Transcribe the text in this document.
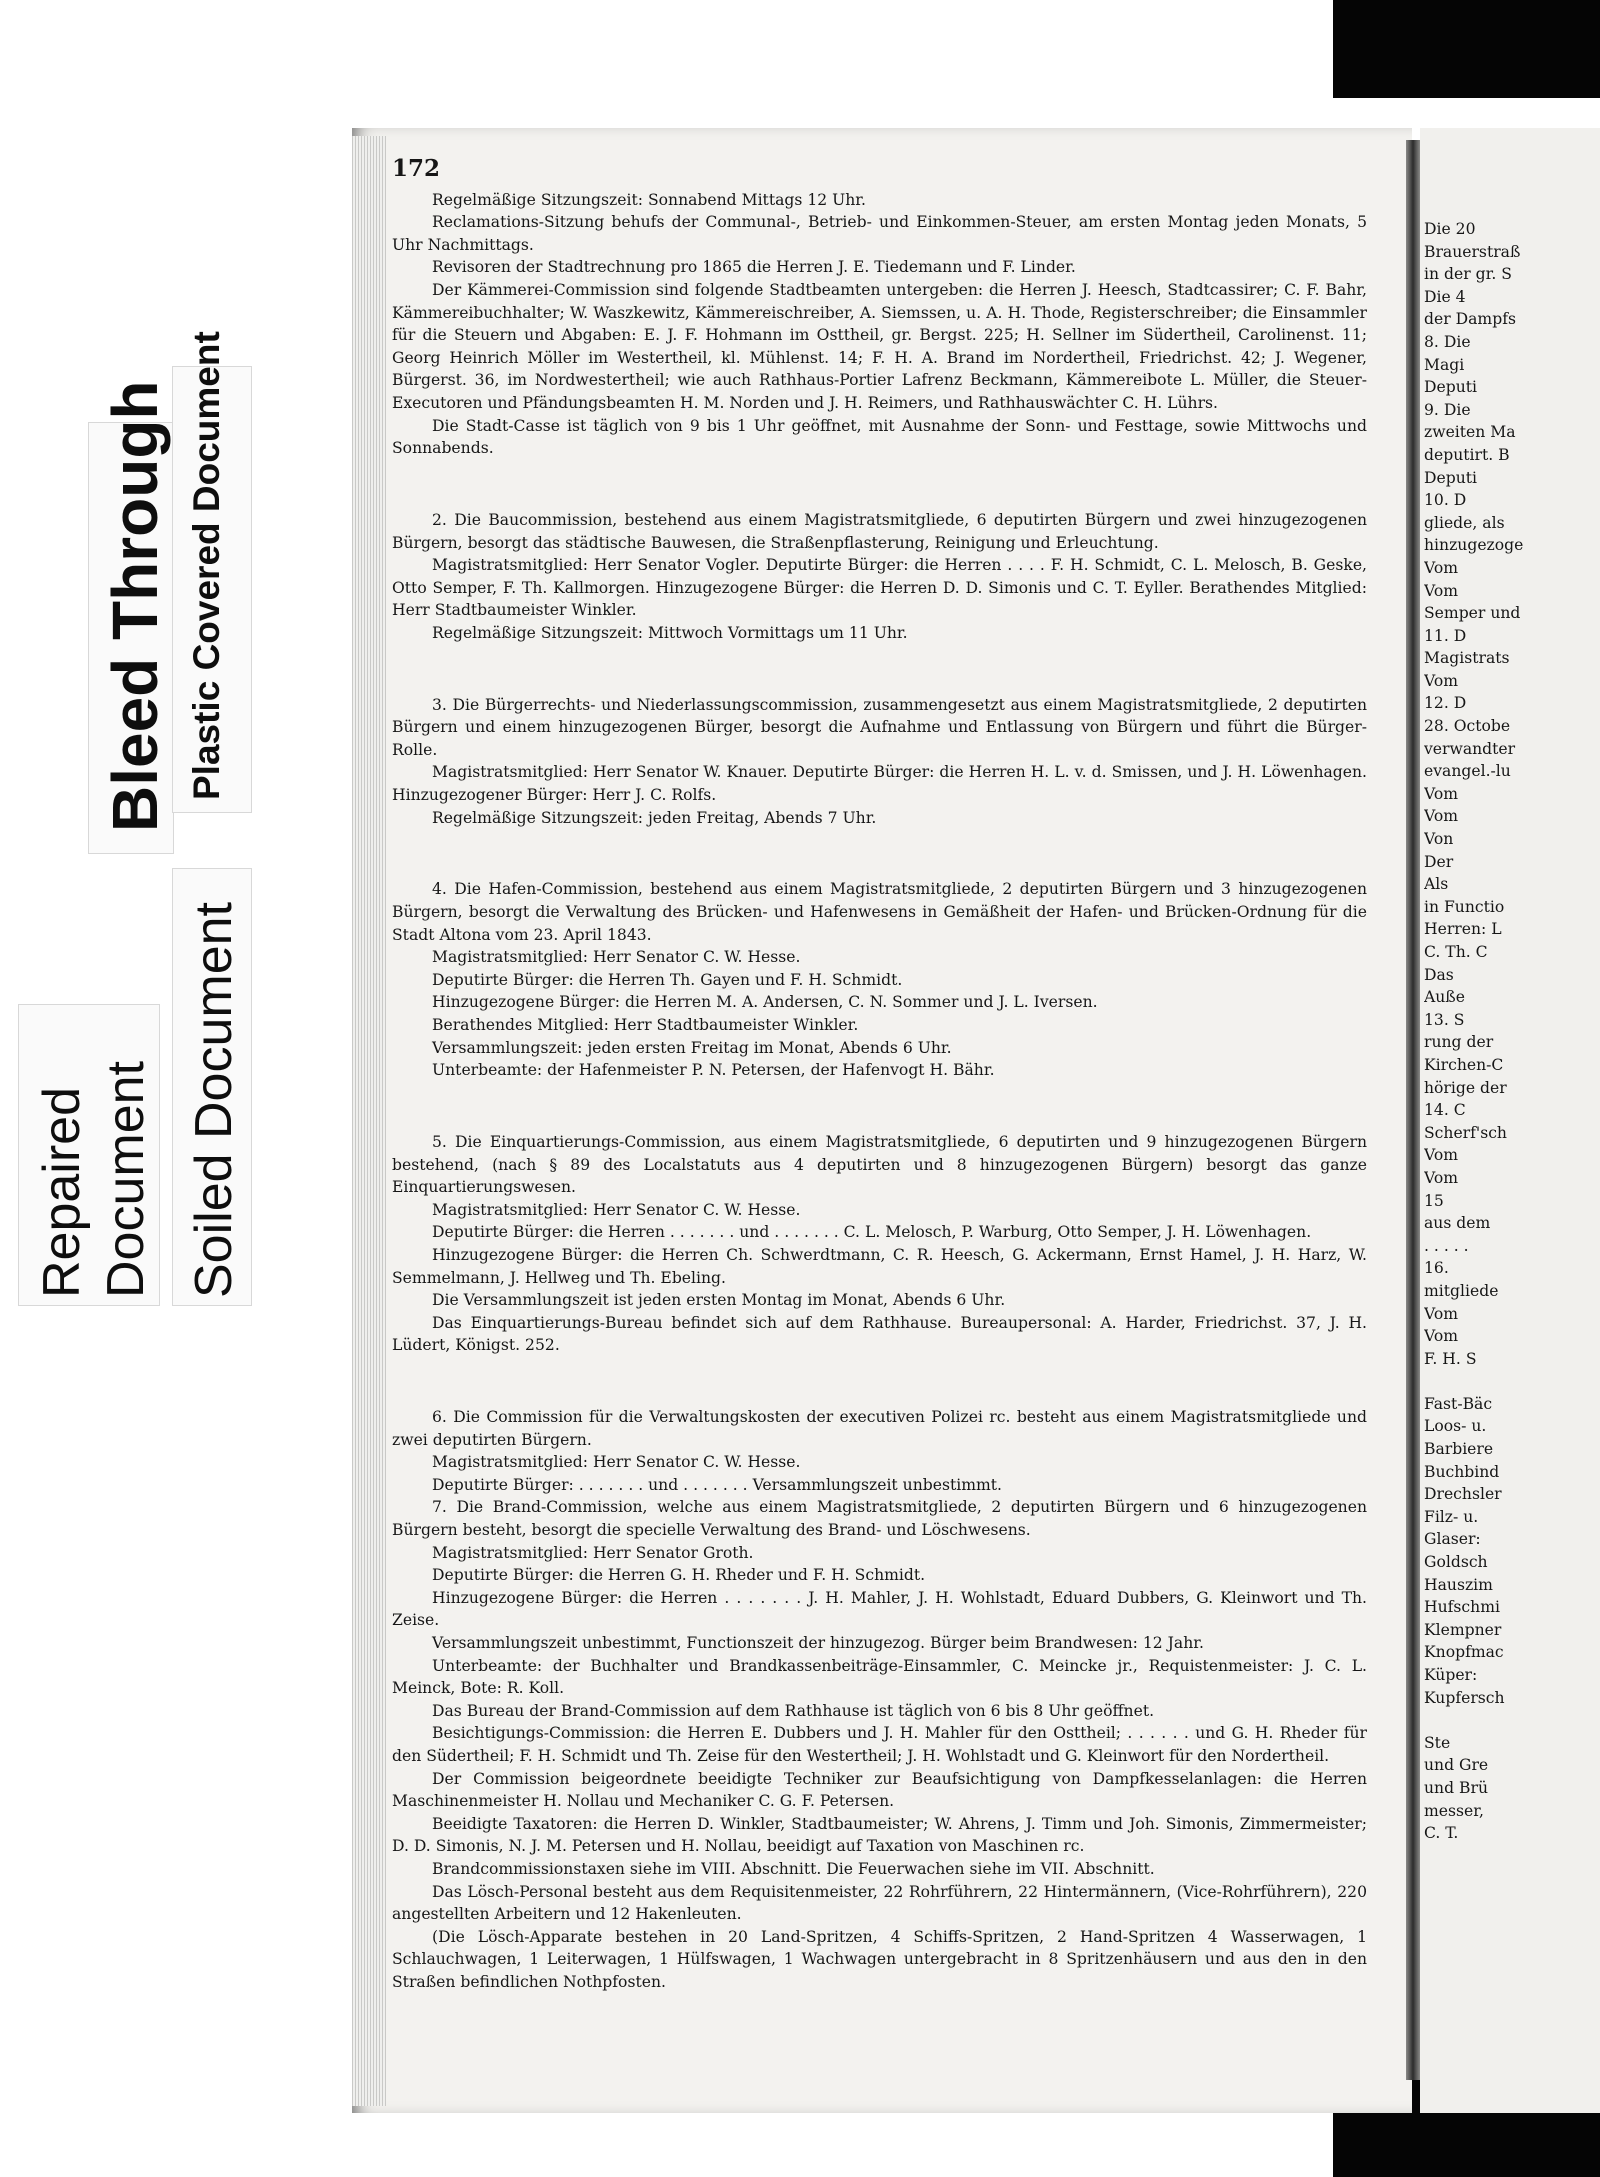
Bleed Through Plastic Covered Document
Repaired Document Soiled Document
172

Regelmäßige Sitzungszeit: Sonnabend Mittags 12 Uhr.

Reclamations-Sitzung behufs der Communal-, Betrieb- und Einkommen-Steuer, am ersten Montag jeden Monats, 5 Uhr Nachmittags.

Revisoren der Stadtrechnung pro 1865 die Herren J. E. Tiedemann und F. Linder.

Der Kämmerei-Commission sind folgende Stadtbeamten untergeben: die Herren J. Heesch, Stadtcassirer; C. F. Bahr, Kämmereibuchhalter; W. Waszkewitz, Kämmereischreiber, A. Siemssen, u. A. H. Thode, Registerschreiber; die Einsammler für die Steuern und Abgaben: E. J. F. Hohmann im Osttheil, gr. Bergst. 225; H. Sellner im Südertheil, Carolinenst. 11; Georg Heinrich Möller im Westertheil, kl. Mühlenst. 14; F. H. A. Brand im Nordertheil, Friedrichst. 42; J. Wegener, Bürgerst. 36, im Nordwestertheil; wie auch Rathhaus-Portier Lafrenz Beckmann, Kämmereibote L. Müller, die Steuer-Executoren und Pfändungsbeamten H. M. Norden und J. H. Reimers, und Rathhauswächter C. H. Lührs.

Die Stadt-Casse ist täglich von 9 bis 1 Uhr geöffnet, mit Ausnahme der Sonn- und Festtage, sowie Mittwochs und Sonnabends.

2. Die Baucommission, bestehend aus einem Magistratsmitgliede, 6 deputirten Bürgern und zwei hinzugezogenen Bürgern, besorgt das städtische Bauwesen, die Straßenpflasterung, Reinigung und Erleuchtung.

Magistratsmitglied: Herr Senator Vogler. Deputirte Bürger: die Herren . . . . F. H. Schmidt, C. L. Melosch, B. Geske, Otto Semper, F. Th. Kallmorgen. Hinzugezogene Bürger: die Herren D. D. Simonis und C. T. Eyller. Berathendes Mitglied: Herr Stadtbaumeister Winkler.

Regelmäßige Sitzungszeit: Mittwoch Vormittags um 11 Uhr.

3. Die Bürgerrechts- und Niederlassungscommission, zusammengesetzt aus einem Magistratsmitgliede, 2 deputirten Bürgern und einem hinzugezogenen Bürger, besorgt die Aufnahme und Entlassung von Bürgern und führt die Bürger-Rolle.

Magistratsmitglied: Herr Senator W. Knauer. Deputirte Bürger: die Herren H. L. v. d. Smissen, und J. H. Löwenhagen. Hinzugezogener Bürger: Herr J. C. Rolfs.

Regelmäßige Sitzungszeit: jeden Freitag, Abends 7 Uhr.

4. Die Hafen-Commission, bestehend aus einem Magistratsmitgliede, 2 deputirten Bürgern und 3 hinzugezogenen Bürgern, besorgt die Verwaltung des Brücken- und Hafenwesens in Gemäßheit der Hafen- und Brücken-Ordnung für die Stadt Altona vom 23. April 1843.

Magistratsmitglied: Herr Senator C. W. Hesse.

Deputirte Bürger: die Herren Th. Gayen und F. H. Schmidt.

Hinzugezogene Bürger: die Herren M. A. Andersen, C. N. Sommer und J. L. Iversen.

Berathendes Mitglied: Herr Stadtbaumeister Winkler.

Versammlungszeit: jeden ersten Freitag im Monat, Abends 6 Uhr.

Unterbeamte: der Hafenmeister P. N. Petersen, der Hafenvogt H. Bähr.

5. Die Einquartierungs-Commission, aus einem Magistratsmitgliede, 6 deputirten und 9 hinzugezogenen Bürgern bestehend, (nach § 89 des Localstatuts aus 4 deputirten und 8 hinzugezogenen Bürgern) besorgt das ganze Einquartierungswesen.

Magistratsmitglied: Herr Senator C. W. Hesse.

Deputirte Bürger: die Herren . . . . . . . und . . . . . . . C. L. Melosch, P. Warburg, Otto Semper, J. H. Löwenhagen.

Hinzugezogene Bürger: die Herren Ch. Schwerdtmann, C. R. Heesch, G. Ackermann, Ernst Hamel, J. H. Harz, W. Semmelmann, J. Hellweg und Th. Ebeling.

Die Versammlungszeit ist jeden ersten Montag im Monat, Abends 6 Uhr.

Das Einquartierungs-Bureau befindet sich auf dem Rathhause. Bureaupersonal: A. Harder, Friedrichst. 37, J. H. Lüdert, Königst. 252.

6. Die Commission für die Verwaltungskosten der executiven Polizei rc. besteht aus einem Magistratsmitgliede und zwei deputirten Bürgern.

Magistratsmitglied: Herr Senator C. W. Hesse.

Deputirte Bürger: . . . . . . . und . . . . . . . Versammlungszeit unbestimmt.

7. Die Brand-Commission, welche aus einem Magistratsmitgliede, 2 deputirten Bürgern und 6 hinzugezogenen Bürgern besteht, besorgt die specielle Verwaltung des Brand- und Löschwesens.

Magistratsmitglied: Herr Senator Groth.

Deputirte Bürger: die Herren G. H. Rheder und F. H. Schmidt.

Hinzugezogene Bürger: die Herren . . . . . . . J. H. Mahler, J. H. Wohlstadt, Eduard Dubbers, G. Kleinwort und Th. Zeise.

Versammlungszeit unbestimmt, Functionszeit der hinzugezog. Bürger beim Brandwesen: 12 Jahr.

Unterbeamte: der Buchhalter und Brandkassenbeiträge-Einsammler, C. Meincke jr., Requistenmeister: J. C. L. Meinck, Bote: R. Koll.

Das Bureau der Brand-Commission auf dem Rathhause ist täglich von 6 bis 8 Uhr geöffnet.

Besichtigungs-Commission: die Herren E. Dubbers und J. H. Mahler für den Osttheil; . . . . . . und G. H. Rheder für den Südertheil; F. H. Schmidt und Th. Zeise für den Westertheil; J. H. Wohlstadt und G. Kleinwort für den Nordertheil.

Der Commission beigeordnete beeidigte Techniker zur Beaufsichtigung von Dampfkesselanlagen: die Herren Maschinenmeister H. Nollau und Mechaniker C. G. F. Petersen.

Beeidigte Taxatoren: die Herren D. Winkler, Stadtbaumeister; W. Ahrens, J. Timm und Joh. Simonis, Zimmermeister; D. D. Simonis, N. J. M. Petersen und H. Nollau, beeidigt auf Taxation von Maschinen rc.

Brandcommissionstaxen siehe im VIII. Abschnitt. Die Feuerwachen siehe im VII. Abschnitt.

Das Lösch-Personal besteht aus dem Requisitenmeister, 22 Rohrführern, 22 Hintermännern, (Vice-Rohrführern), 220 angestellten Arbeitern und 12 Hakenleuten.

(Die Lösch-Apparate bestehen in 20 Land-Spritzen, 4 Schiffs-Spritzen, 2 Hand-Spritzen 4 Wasserwagen, 1 Schlauchwagen, 1 Leiterwagen, 1 Hülfswagen, 1 Wachwagen untergebracht in 8 Spritzenhäusern und aus den in den Straßen befindlichen Nothpfosten.

Die 20
Brauerstraß
in der gr. S
Die 4
der Dampfs
8. Die
Magi
Deputi
9. Die
zweiten Ma
deputirt. B
Deputi
10. D
gliede, als
hinzugezoge
Vom
Vom
Semper und
11. D
Magistrats
Vom
12. D
28. Octobe
verwandter
evangel.-lu
Vom
Vom
Von
Der
Als
in Functio
Herren: L
C. Th. C
Das
Auße
13. S
rung der
Kirchen-C
hörige der
14. C
Scherf'sch
Vom
Vom
15
aus dem
. . . . .
16.
mitgliede
Vom
Vom
F. H. S
Fast-Bäc
Loos- u.
Barbiere
Buchbind
Drechsler
Filz- u.
Glaser:
Goldsch
Hauszim
Hufschmi
Klempner
Knopfmac
Küper:
Kupfersch
Ste
und Gre
und Brü
messer,
C. T.
